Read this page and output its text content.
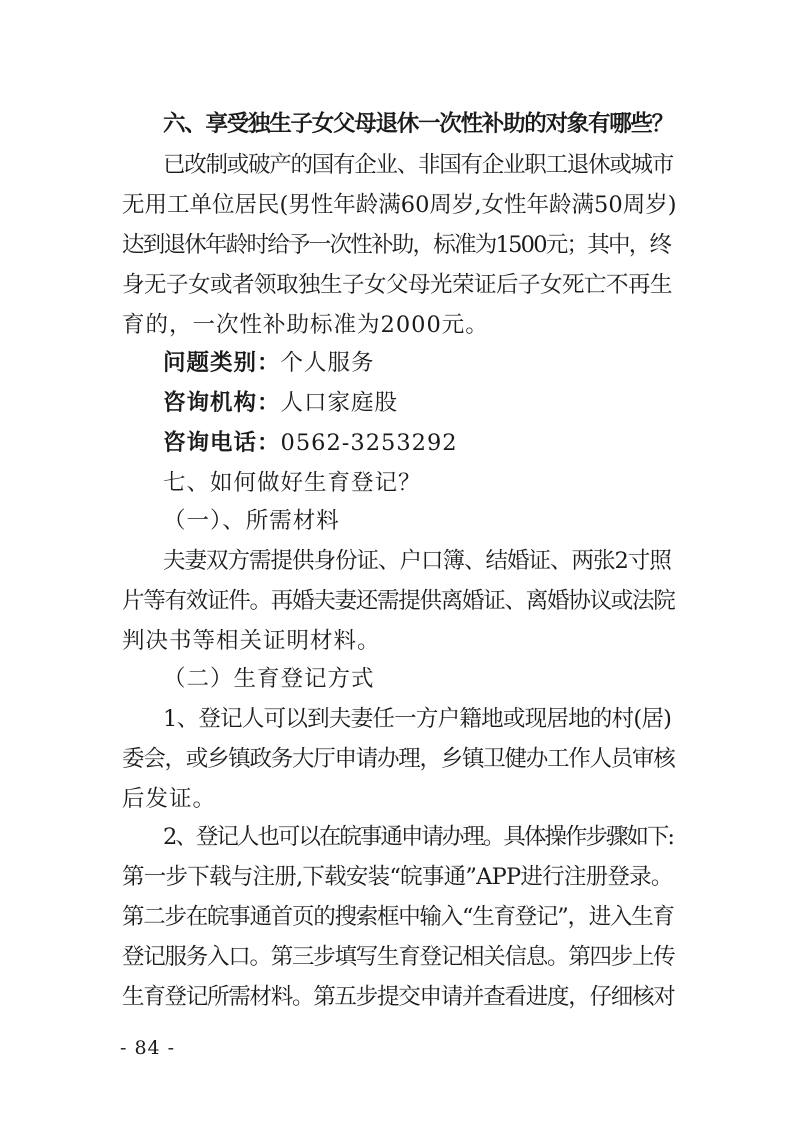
六、享受独生子女父母退休一次性补助的对象有哪些？
已改制或破产的国有企业、非国有企业职工退休或城市
无用工单位居民(男性年龄满60周岁,女性年龄满50周岁)
达到退休年龄时给予一次性补助，标准为1500元；其中，终
身无子女或者领取独生子女父母光荣证后子女死亡不再生
育的，一次性补助标准为2000元。
问题类别：个人服务
咨询机构：人口家庭股
咨询电话：0562-3253292
七、如何做好生育登记？
（一）、所需材料
夫妻双方需提供身份证、户口簿、结婚证、两张2寸照
片等有效证件。再婚夫妻还需提供离婚证、离婚协议或法院
判决书等相关证明材料。
（二）生育登记方式
1、登记人可以到夫妻任一方户籍地或现居地的村(居)
委会，或乡镇政务大厅申请办理，乡镇卫健办工作人员审核
后发证。
2、登记人也可以在皖事通申请办理。具体操作步骤如下:
第一步下载与注册,下载安装“皖事通”APP进行注册登录。
第二步在皖事通首页的搜索框中输入“生育登记”，进入生育
登记服务入口。第三步填写生育登记相关信息。第四步上传
生育登记所需材料。第五步提交申请并查看进度，仔细核对
- 84 -
